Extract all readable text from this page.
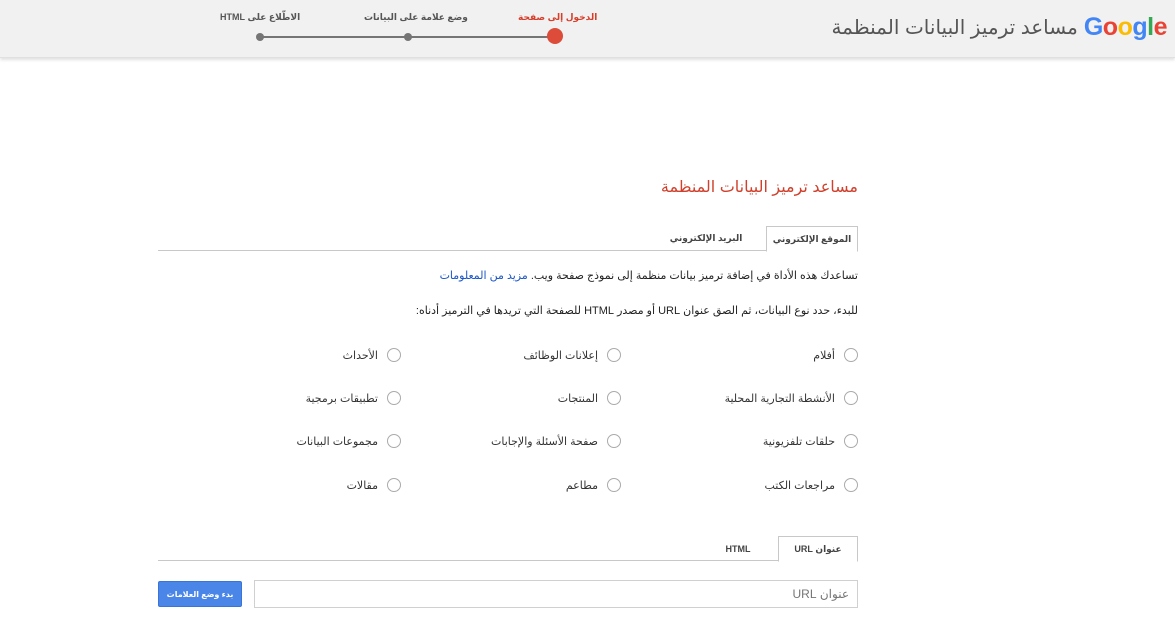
الدخول إلى صفحة
وضع علامة على البيانات
الاطّلاع على HTML	Google
مساعد ترميز البيانات المنظمة
مساعد ترميز البيانات المنظمة
الموقع الإلكتروني
البريد الإلكتروني
تساعدك هذه الأداة في إضافة ترميز بيانات منظمة إلى نموذج صفحة ويب. مزيد من المعلومات
للبدء، حدد نوع البيانات، ثم الصق عنوان URL أو مصدر HTML للصفحة التي تريدها في الترميز أدناه:
أفلام
إعلانات الوظائف
الأحداث
الأنشطة التجارية المحلية
المنتجات
تطبيقات برمجية
حلقات تلفزيونية
صفحة الأسئلة والإجابات
مجموعات البيانات
مراجعات الكتب
مطاعم
مقالات
عنوان URL
HTML
عنوان URL
بدء وضع العلامات
